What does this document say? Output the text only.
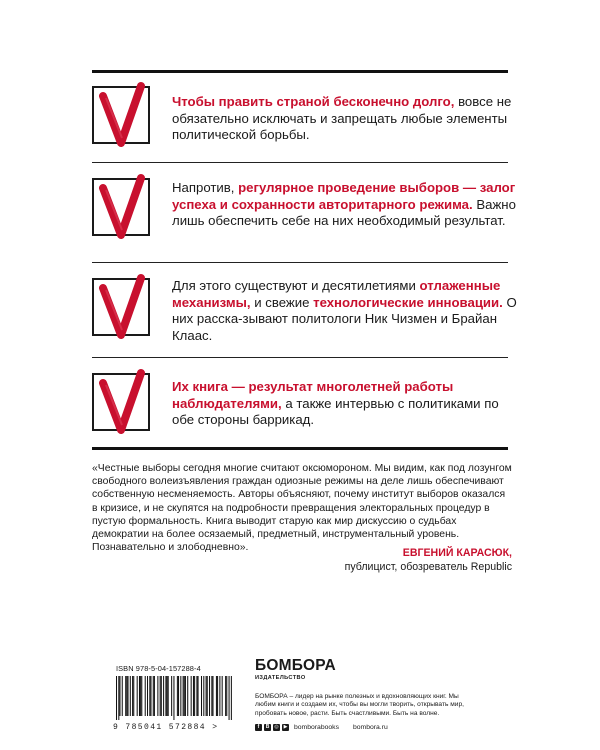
Чтобы править страной бесконечно долго, вовсе не обязательно исключать и запрещать любые элементы политической борьбы.
Напротив, регулярное проведение выборов — залог успеха и сохранности авторитарного режима. Важно лишь обеспечить себе на них необходимый результат.
Для этого существуют и десятилетиями отлаженные механизмы, и свежие технологические инновации. О них расска-зывают политологи Ник Чизмен и Брайан Клаас.
Их книга — результат многолетней работы наблюдателями, а также интервью с политиками по обе стороны баррикад.
«Честные выборы сегодня многие считают оксюмороном. Мы видим, как под лозунгом свободного волеизъявления граждан одиозные режимы на деле лишь обеспечивают собственную несменяемость. Авторы объясняют, почему институт выборов оказался в кризисе, и не скупятся на подробности превращения электоральных процедур в пустую формальность. Книга выводит старую как мир дискуссию о судьбах демократии на более осязаемый, предметный, инструментальный уровень. Познавательно и злободневно».	ЕВГЕНИЙ КАРАСЮК,
публицист, обозреватель Republic
ISBN 978-5-04-157288-4
9 785041 572884 >
БОМБОРА
ИЗДАТЕЛЬСТВО
БОМБОРА – лидер на рынке полезных и вдохновляющих книг. Мы любим книги и создаем их, чтобы вы могли творить, открывать мир, пробовать новое, расти. Быть счастливыми. Быть на волне.
f	B	◎ ▶ bomborabooks bombora.ru
